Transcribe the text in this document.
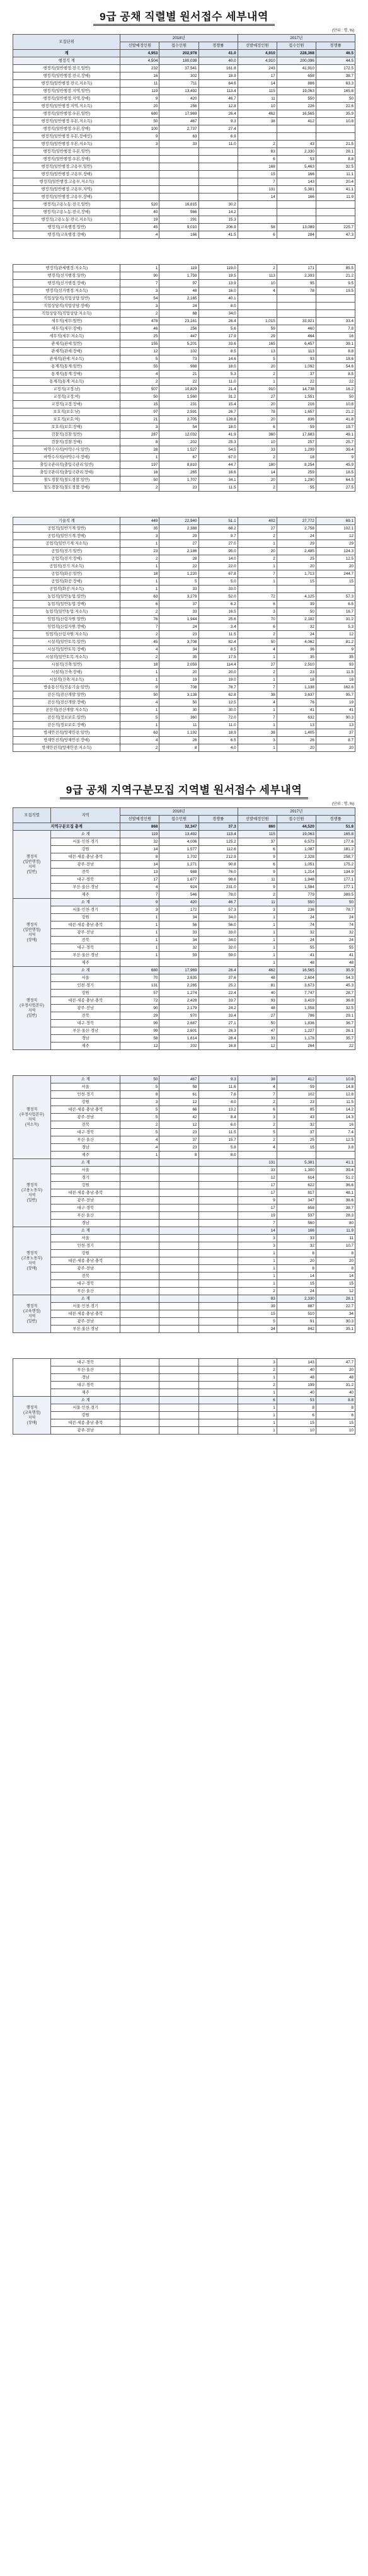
9급 공채 직렬별 원서접수 세부내역
(단위 : 명, %)
모집단위	2018년			2017년		
	선발예정인원	접수인원	경쟁률	선발예정인원	접수인원	경쟁률
계	4,953	202,978	41.0	4,910	228,368	46.5
행정직 계	4,504	180,038	40.0	4,910	200,096	44.5
행정직(일반행정:전국,일반)	232	37,541	161.8	243	41,910	172.5
행정직(일반행정:전국,장애)	16	302	18.9	17	658	38.7
행정직(일반행정:전국,저소득)	11	711	64.6	14	886	63.3
행정직(일반행정:지역,일반)	119	13,492	113.4	115	19,063	165.8
행정직(일반행정:지역,장애)	9	420	46.7	11	550	50
행정직(일반행정:지역,저소득)	20	256	12.8	10	226	22.6
행정직(일반행정:우본,일반)	680	17,969	26.4	462	16,565	35.9
행정직(일반행정:우본,저소득)	50	467	9.3	38	412	10.8
행정직(일반행정:우본,장애)	100	2,737	27.4			
행정직(일반행정:우본,장애인)	9	63	6.9			
행정직(일반행정:우본,저소득)	3	33	11.0	2	43	21.5
행정직(일반행정:우본,일반)				83	2,330	28.1
행정직(일반행정:우본,장애)				6	53	8.8
행정직(일반행정:고용부,일반)				168	5,463	32.5
행정직(일반행정:고용부,장애)				15	166	11.1
행정직(일반행정:고용부,저소득)				7	143	20.4
행정직(일반행정:고용부,지역)				131	5,381	41.1
행정직(일반행정:고용부,장애)				14	166	11.9
행정직(고용노동:전국,일반)	520	16,815	30.2			
행정직(고용노동:전국,장애)	40	566	14.2			
행정직(고용노동:전국,저소득)	19	291	15.3			
행정직(교육행정:일반)	45	9,010	206.9	58	13,089	225.7
행정직(교육행정:장애)	4	166	41.5	6	284	47.3
행정직(관세행정:저소득)	1	119	119.0	2	171	85.5
행정직(선거행정:일반)	90	1,759	19.5	113	2,393	21.2
행정직(선거행정:장애)	7	97	13.9	10	95	9.5
행정직(선거행정:저소득)	3	48	16.0	4	78	19.5
직업상담직(직업상담:일반)	54	2,165	40.1			
직업상담직(직업상담:장애)	3	24	8.0			
직업상담직(직업상담:저소득)	2	68	34.0			
세무직(세무:일반)	478	23,161	26.4	1,015	33,921	33.4
세무직(세무:장애)	46	256	5.6	59	460	7.8
세무직(세무:저소득)	25	447	17.9	29	464	16
관세직(관세:일반)	155	5,201	33.6	165	6,457	39.1
관세직(관세:장애)	12	102	8.5	13	113	8.8
관세직(관세:저소득)	5	73	14.6	5	93	18.6
통계직(통계:일반)	55	988	18.0	20	1,092	54.6
통계직(통계:장애)	4	21	5.3	2	37	8.5
통계직(통계:저소득)	2	22	11.0	1	22	22
교정직(교정:남)	507	10,829	21.4	910	14,738	16.2
교정직(교정:여)	50	1,560	31.2	27	1,551	50
교정직(교정:장애)	15	231	15.4	20	216	10.8
보호직(보호:남)	97	2,591	26.7	78	1,657	21.2
보호직(보호:여)	21	2,705	128.8	20	836	41.8
보호직(보호:장애)	3	54	18.0	6	59	19.7
검찰직(검찰:일반)	287	12,032	41.9	360	17,683	49.1
검찰직(검찰:장애)	8	202	25.3	10	257	25.7
마약수사직(마약수사:일반)	28	1,527	54.5	33	1,299	39.4
마약수사직(마약수사:장애)	1	67	67.0	2	18	9
출입국관리직(출입국관리:일반)	197	8,810	44.7	180	8,254	45.9
출입국관리직(출입국관리:장애)	16	265	16.6	14	259	18.5
철도경찰직(철도경찰:일반)	50	1,707	34.1	20	1,290	64.5
철도경찰직(철도경찰:장애)	2	23	11.5	2	55	27.5
기술직 계	449	22,940	51.1	402	27,772	69.1
공업직(일반기계:일반)	35	2,388	68.2	27	2,758	102.1
공업직(일반기계:장애)	3	29	9.7	2	24	12
공업직(일반기계:저소득)	1	27	27.0	1	29	29
공업직(전기:일반)	23	2,186	95.0	20	2,485	124.3
공업직(전기:장애)	2	28	14.0	2	25	12.5
공업직(전기:저소득)	1	22	22.0	1	20	20
공업직(화공:일반)	18	1,220	67.8	7	1,713	244.7
공업직(화공:장애)	1	5	5.0	1	15	15
공업직(화공:저소득)	1	33	33.0			
농업직(일반농업:일반)	63	3,279	52.0	72	4,125	57.3
농업직(일반농업:장애)	6	37	6.2	6	39	6.5
농업직(일반농업:저소득)	2	33	16.5	3	50	16.7
임업직(산림자원:일반)	76	1,944	25.6	70	2,182	31.2
임업직(산림자원:장애)	7	24	3.4	6	32	5.3
임업직(산림자원:저소득)	2	23	11.5	2	24	12
시설직(일반토목:일반)	45	3,708	82.4	50	4,062	81.2
시설직(일반토목:장애)	4	34	8.5	4	36	9
시설직(일반토목:저소득)	2	35	17.5	1	35	35
시설직(건축:일반)	18	2,059	114.4	27	2,510	93
시설직(건축:장애)	1	20	20.0	2	23	11.5
시설직(건축:저소득)	1	19	19.0	1	18	18
방송통신직(전송기술:일반)	9	708	78.7	7	1,138	162.6
전산직(전산개발:일반)	50	3,138	62.8	38	3,637	95.7
전산직(전산개발:장애)	4	50	12.5	4	76	19
전산직(전산개발:저소득)	1	30	30.0	1	41	41
전산직(정보보호:일반)	5	360	72.0	7	632	90.3
전산직(정보보호:장애)	1	11	11.0	1	13	13
방재안전직(방재안전:일반)	63	1,192	18.9	38	1,405	37
방재안전직(방재안전:장애)	4	26	6.5	3	26	8.7
방재안전직(방재안전:저소득)	2	8	4.0	1	20	20
9급 공채 지역구분모집 지역별 원서접수 세부내역
(단위 : 명, %)
모집직렬	지역	2018년			2017년		
		선발예정인원	접수인원	경쟁률	선발예정인원	접수인원	경쟁률
지역구분모집 총계		868	32,347	37.3	860	44,520	51.8
행정직
(일반행정)
지역
(일반)	소 계	119	13,492	113.4	115	19,063	165.8
	서울·인천·경기	32	4,006	125.2	37	6,573	177.6
	강원	14	1,577	112.6	6	1,087	181.2
	대전·세종·충남·충북	8	1,702	212.9	9	2,328	258.7
	광주·전남	14	1,271	90.8	6	1,051	175.2
	전북	13	988	76.0	9	1,214	134.9
	대구·경북	17	1,677	98.6	11	1,948	177.1
	부산·울산·경남	4	924	231.0	9	1,584	177.1
	제주	7	546	78.0	2	779	389.5
행정직
(일반행정)
지역
(장애)	소 계	9	420	46.7	11	550	50
	서울·인천·경기	3	172	57.3	3	236	78.7
	강원	1	34	34.0	1	24	24
	대전·세종·충남·충북	1	56	56.0	1	74	74
	광주·전남	1	33	33.0	1	32	32
	전북	1	34	34.0	1	24	24
	대구·경북	1	32	32.0	1	55	55
	부산·울산·경남	1	59	59.0	1	41	41
	제주				1	48	48
행정직
(우정사업본부)
지역
(일반)	소 계	680	17,969	26.4	462	16,565	35.9
	서울	70	2,635	37.6	48	2,604	54.3
	인천·경기	131	2,265	25.2	81	3,673	45.3
	강원	57	1,274	22.4	40	7,747	28.7
	대전·세종·충남·충북	72	2,428	33.7	93	3,419	36.8
	광주·전남	90	2,179	24.2	48	1,558	32.5
	전북	29	970	33.4	27	786	29.1
	대구·경북	99	2,687	27.1	50	1,836	36.7
	부산·울산·경남	99	2,601	26.3	47	1,227	26.1
	경남	58	1,614	28.4	33	1,178	35.7
	제주	12	202	16.8	12	264	22
행정직
(우정사업본부)
지역
(저소득)	소 계	50	467	9.3	38	412	10.8
	서울	5	58	11.6	4	59	14.8
	인천·경기	8	61	7.6	7	102	12.8
	강원	3	12	4.0	2	23	11.5
	대전·세종·충남·충북	5	66	13.2	6	85	14.2
	광주·전남	5	42	8.4	3	43	14.3
	전북	2	12	6.0	2	32	16
	대구·경북	5	23	11.5	5	37	7.4
	부산·울산	4	37	15.7	2	25	12.5
	경남	4	23	5.8	4	15	3.8
	제주	1	8	8.0			
행정직
(고용노동부)
지역
(일반)	소 계				131	5,381	41.1
	서울				33	1,300	39.4
	경기				12	614	51.2
	강원				17	622	36.6
	대전·세종·충남·충북				17	817	48.1
	광주·전남				9	347	38.6
	대구·경북				17	658	38.7
	부산·울산				19	537	28.3
	경남				7	560	80
행정직
(고용노동부)
지역
(장애)	소 계				14	166	11.9
	서울				3	33	11
	인천·경기				3	32	10.7
	강원				1	8	8
	대전·세종·충남·충북				1	20	20
	광주·전남				1	8	8
	전북				1	14	14
	대구·경북				1	15	15
	부산·울산				2	24	12
행정직
(교육행정)
지역
(일반)	소 계				83	2,330	28.1
	서울·인천·경기				39	887	22.7
	대전·세종·충남·충북				15	510	34
	광주·전남				5	91	30.3
	부산·울산·경남				24	842	35.1
	대구·경북				3	143	47.7
	부산·울산				2	40	20
	경남				1	48	48
	대구·경북				2	199	31.2
	제주				1	40	40
행정직
(교육행정)
지역
(장애)	소 계				6	53	8.8
	서울·인천·경기				1	8	8
	강원				1	6	6
	대전·세종·충남·충북				1	15	15
	광주·전남				1	10	10
